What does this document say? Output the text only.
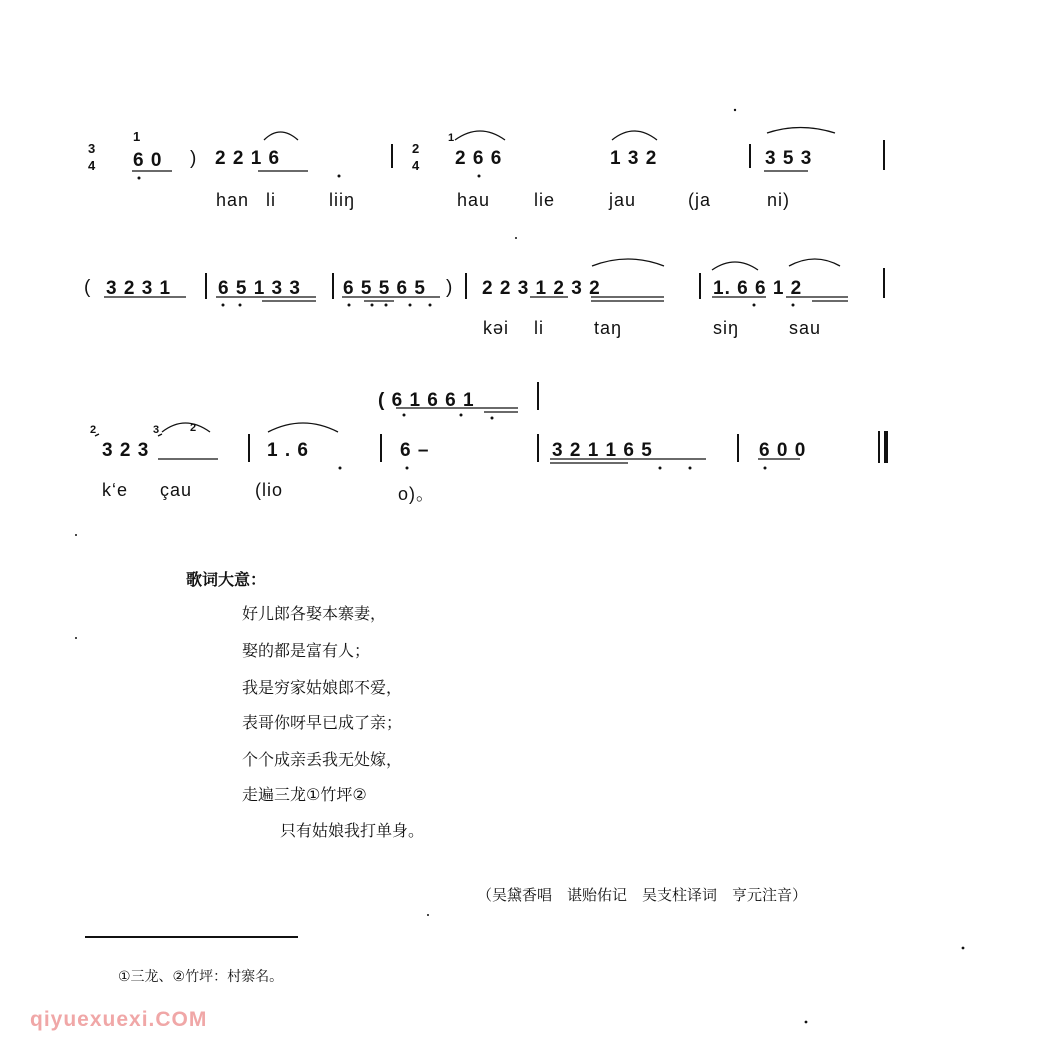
3
4
1
6 0 ) 2 2 1 6	2
4
1
2 6 6	1 3 2	3 5 3
han li	liiŋ	hau lie	jau	(ja	ni)
( 3 2 3 1 6 5 1 3 3 6 5 5 6 5 ) 2 2 3 1 2 3 2	1. 6 6 1 2
kəi li	taŋ	siŋ	sau
( 6 1 6 6 1
2	3	2
3 2 3	1 . 6	6 –	3 2 1 1 6 5	6 0 0
k‘e çau	(lio	o)。
歌词大意：
好儿郎各娶本寨妻，
娶的都是富有人；
我是穷家姑娘郎不爱，
表哥你呀早已成了亲；
个个成亲丢我无处嫁，
走遍三龙①竹坪②
只有姑娘我打单身。
（吴黛香唱　谌贻佑记　吴支柱译词　亨元注音）
①三龙、②竹坪：村寨名。
qiyuexuexi.COM
